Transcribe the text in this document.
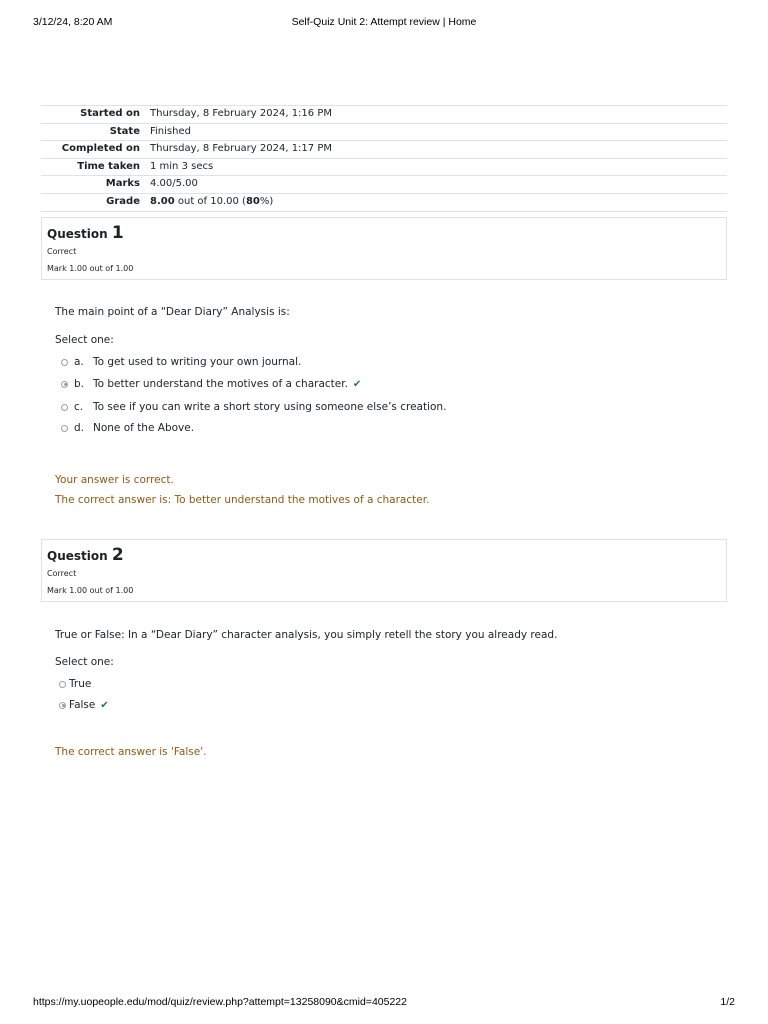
3/12/24, 8:20 AM	Self-Quiz Unit 2: Attempt review | Home
Started on	Thursday, 8 February 2024, 1:16 PM
State	Finished
Completed on	Thursday, 8 February 2024, 1:17 PM
Time taken	1 min 3 secs
Marks	4.00/5.00
Grade	8.00 out of 10.00 (80%)
Question 1
Correct
Mark 1.00 out of 1.00
The main point of a “Dear Diary” Analysis is:
Select one:
a. To get used to writing your own journal.
b. To better understand the motives of a character. ✔
c. To see if you can write a short story using someone else’s creation.
d. None of the Above.
Your answer is correct.
The correct answer is: To better understand the motives of a character.
Question 2
Correct
Mark 1.00 out of 1.00
True or False: In a “Dear Diary” character analysis, you simply retell the story you already read.
Select one:
True
False ✔
The correct answer is 'False'.
https://my.uopeople.edu/mod/quiz/review.php?attempt=13258090&cmid=405222	1/2
